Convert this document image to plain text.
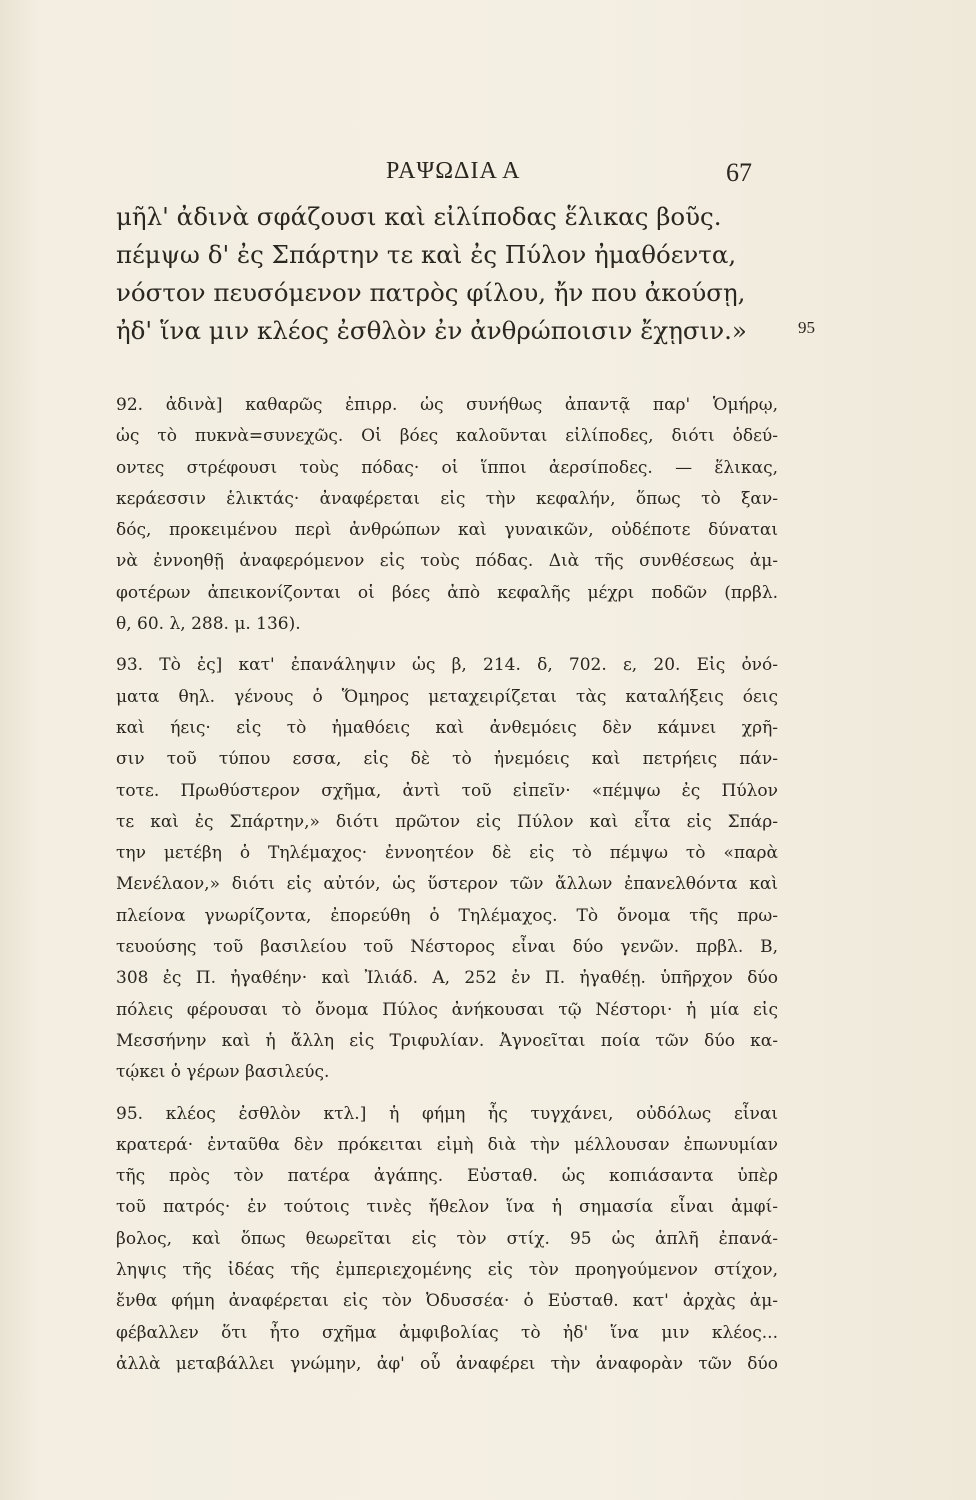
ΡΑΨΩΔΙΑ Α	67
μῆλ' ἀδινὰ σφάζουσι καὶ εἰλίποδας ἕλικας βοῦς.
πέμψω δ' ἐς Σπάρτην τε καὶ ἐς Πύλον ἠμαθόεντα,
νόστον πευσόμενον πατρὸς φίλου, ἤν που ἀκούσῃ,
ἠδ' ἵνα μιν κλέος ἐσθλὸν ἐν ἀνθρώποισιν ἔχῃσιν.»	95
92. ἀδινὰ] καθαρῶς ἐπιρρ. ὡς συνήθως ἀπαντᾷ παρ' Ὁμήρῳ,
ὡς τὸ πυκνὰ=συνεχῶς. Οἱ βόες καλοῦνται εἰλίποδες, διότι ὁδεύ-
οντες στρέφουσι τοὺς πόδας· οἱ ἵπποι ἀερσίποδες. — ἕλικας,
κεράεσσιν ἑλικτάς· ἀναφέρεται εἰς τὴν κεφαλήν, ὅπως τὸ ξαν-
δός, προκειμένου περὶ ἀνθρώπων καὶ γυναικῶν, οὐδέποτε δύναται
νὰ ἐννοηθῇ ἀναφερόμενον εἰς τοὺς πόδας. Διὰ τῆς συνθέσεως ἀμ-
φοτέρων ἀπεικονίζονται οἱ βόες ἀπὸ κεφαλῆς μέχρι ποδῶν (πρβλ.
θ, 60. λ, 288. μ. 136).
93. Τὸ ἐς] κατ' ἐπανάληψιν ὡς β, 214. δ, 702. ε, 20. Εἰς ὀνό-
ματα θηλ. γένους ὁ Ὅμηρος μεταχειρίζεται τὰς καταλήξεις όεις
καὶ ήεις· εἰς τὸ ἠμαθόεις καὶ ἀνθεμόεις δὲν κάμνει χρῆ-
σιν τοῦ τύπου εσσα, εἰς δὲ τὸ ἠνεμόεις καὶ πετρήεις πάν-
τοτε. Πρωθύστερον σχῆμα, ἀντὶ τοῦ εἰπεῖν· «πέμψω ἐς Πύλον
τε καὶ ἐς Σπάρτην,» διότι πρῶτον εἰς Πύλον καὶ εἶτα εἰς Σπάρ-
την μετέβη ὁ Τηλέμαχος· ἐννοητέον δὲ εἰς τὸ πέμψω τὸ «παρὰ
Μενέλαον,» διότι εἰς αὐτόν, ὡς ὕστερον τῶν ἄλλων ἐπανελθόντα καὶ
πλείονα γνωρίζοντα, ἐπορεύθη ὁ Τηλέμαχος. Τὸ ὄνομα τῆς πρω-
τευούσης τοῦ βασιλείου τοῦ Νέστορος εἶναι δύο γενῶν. πρβλ. Β,
308 ἐς Π. ἠγαθέην· καὶ Ἰλιάδ. Α, 252 ἐν Π. ἠγαθέῃ. ὑπῆρχον δύο
πόλεις φέρουσαι τὸ ὄνομα Πύλος ἀνήκουσαι τῷ Νέστορι· ἡ μία εἰς
Μεσσήνην καὶ ἡ ἄλλη εἰς Τριφυλίαν. Ἀγνοεῖται ποία τῶν δύο κα-
τῴκει ὁ γέρων βασιλεύς.
95. κλέος ἐσθλὸν κτλ.] ἡ φήμη ἧς τυγχάνει, οὐδόλως εἶναι
κρατερά· ἐνταῦθα δὲν πρόκειται εἰμὴ διὰ τὴν μέλλουσαν ἐπωνυμίαν
τῆς πρὸς τὸν πατέρα ἀγάπης. Εὐσταθ. ὡς κοπιάσαντα ὑπὲρ
τοῦ πατρός· ἐν τούτοις τινὲς ἤθελον ἵνα ἡ σημασία εἶναι ἀμφί-
βολος, καὶ ὅπως θεωρεῖται εἰς τὸν στίχ. 95 ὡς ἁπλῆ ἐπανά-
ληψις τῆς ἰδέας τῆς ἐμπεριεχομένης εἰς τὸν προηγούμενον στίχον,
ἔνθα φήμη ἀναφέρεται εἰς τὸν Ὀδυσσέα· ὁ Εὐσταθ. κατ' ἀρχὰς ἀμ-
φέβαλλεν ὅτι ἦτο σχῆμα ἀμφιβολίας τὸ ἠδ' ἵνα μιν κλέος...
ἀλλὰ μεταβάλλει γνώμην, ἀφ' οὗ ἀναφέρει τὴν ἀναφορὰν τῶν δύο
